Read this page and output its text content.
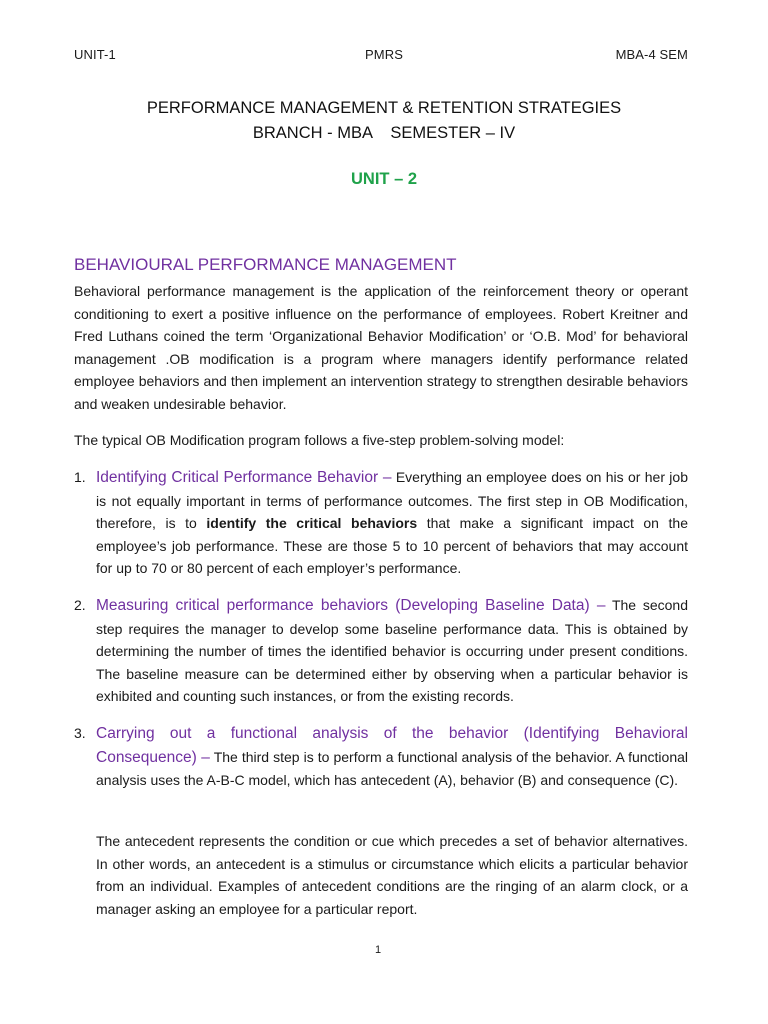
UNIT-1	PMRS	MBA-4 SEM
PERFORMANCE MANAGEMENT & RETENTION STRATEGIES
BRANCH - MBA    SEMESTER – IV
UNIT – 2
BEHAVIOURAL PERFORMANCE MANAGEMENT

Behavioral performance management is the application of the reinforcement theory or operant conditioning to exert a positive influence on the performance of employees. Robert Kreitner and Fred Luthans coined the term ‘Organizational Behavior Modification’ or ‘O.B. Mod’ for behavioral management .OB modification is a program where managers identify performance related employee behaviors and then implement an intervention strategy to strengthen desirable behaviors and weaken undesirable behavior.

The typical OB Modification program follows a five-step problem-solving model:

1. Identifying Critical Performance Behavior – Everything an employee does on his or her job is not equally important in terms of performance outcomes. The first step in OB Modification, therefore, is to identify the critical behaviors that make a significant impact on the employee’s job performance. These are those 5 to 10 percent of behaviors that may account for up to 70 or 80 percent of each employer’s performance.
2. Measuring critical performance behaviors (Developing Baseline Data) – The second step requires the manager to develop some baseline performance data. This is obtained by determining the number of times the identified behavior is occurring under present conditions. The baseline measure can be determined either by observing when a particular behavior is exhibited and counting such instances, or from the existing records.
3. Carrying out a functional analysis of the behavior (Identifying Behavioral Consequence) – The third step is to perform a functional analysis of the behavior. A functional analysis uses the A-B-C model, which has antecedent (A), behavior (B) and consequence (C).

The antecedent represents the condition or cue which precedes a set of behavior alternatives. In other words, an antecedent is a stimulus or circumstance which elicits a particular behavior from an individual. Examples of antecedent conditions are the ringing of an alarm clock, or a manager asking an employee for a particular report.

1
